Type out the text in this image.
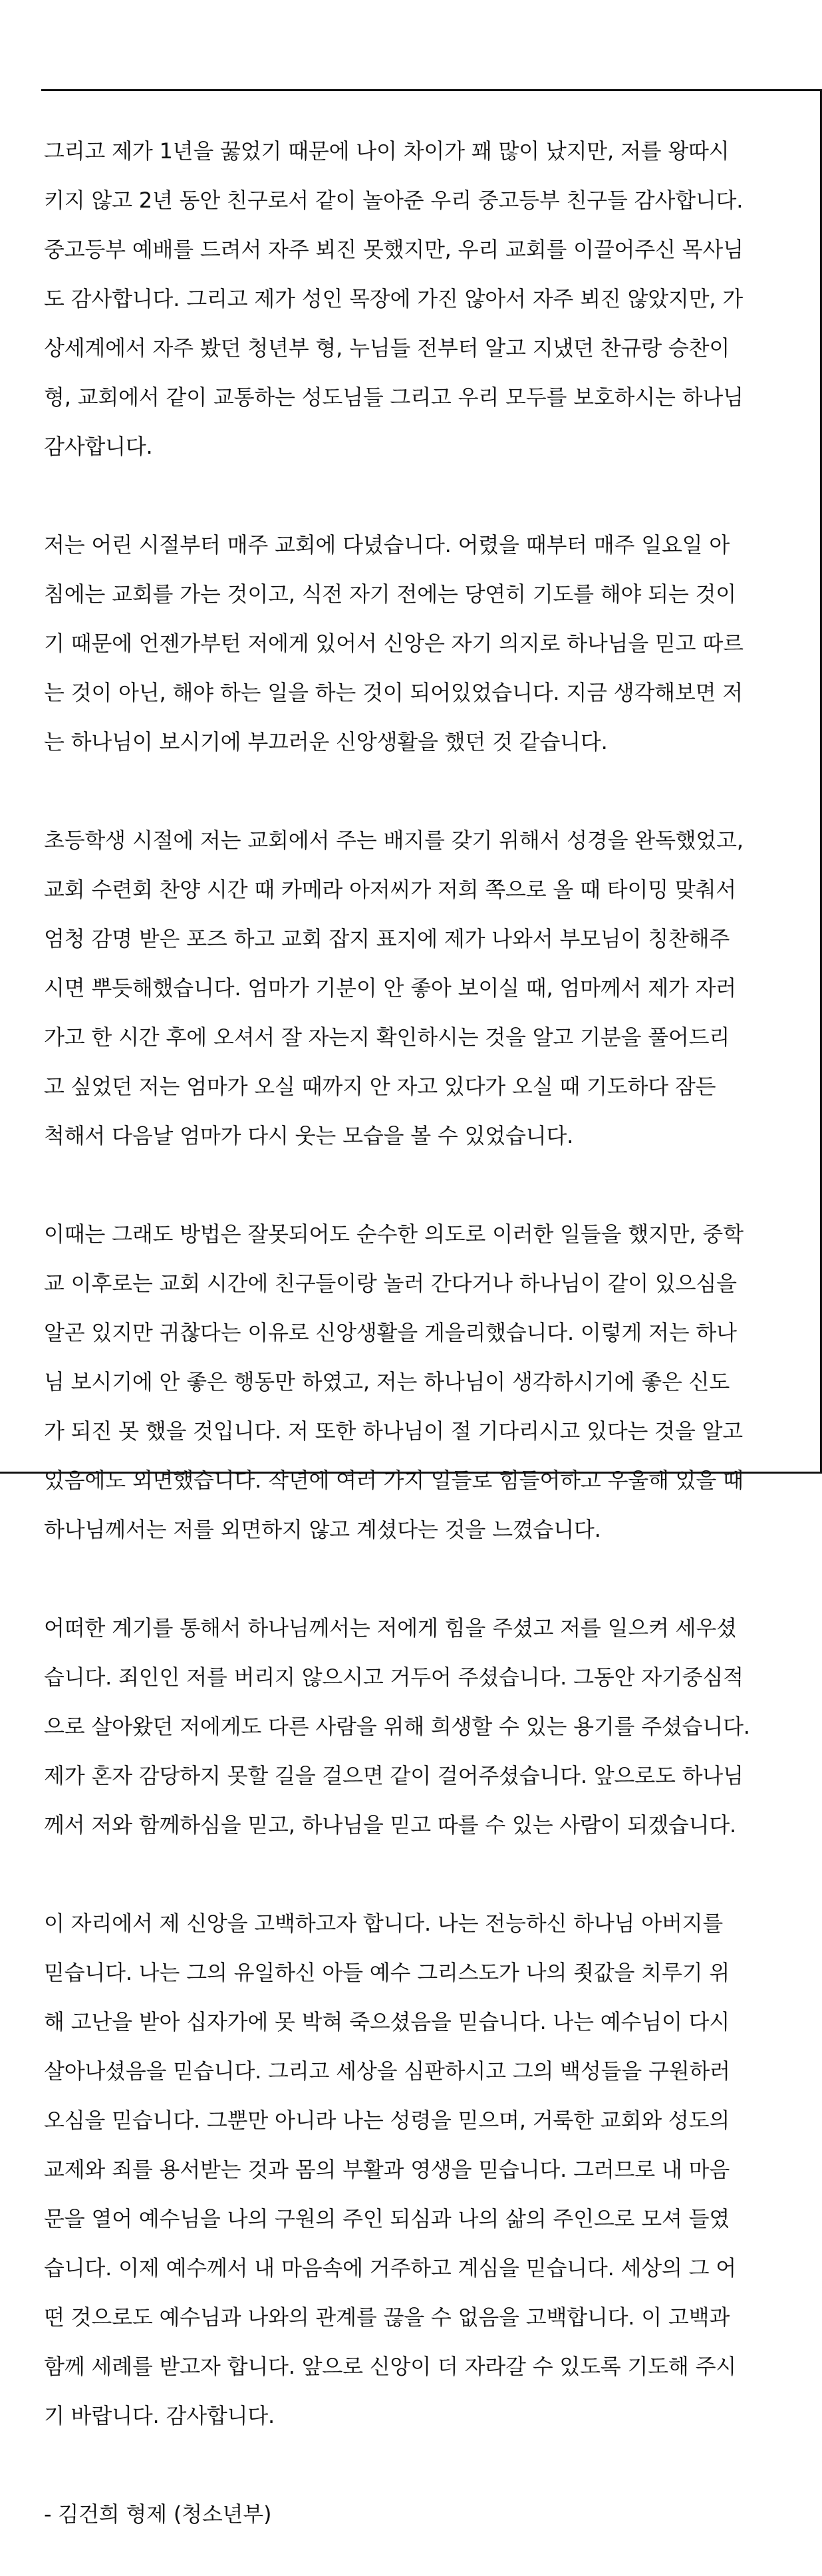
그리고 제가 1년을 꿇었기 때문에 나이 차이가 꽤 많이 났지만, 저를 왕따시

키지 않고 2년 동안 친구로서 같이 놀아준 우리 중고등부 친구들 감사합니다.

중고등부 예배를 드려서 자주 뵈진 못했지만, 우리 교회를 이끌어주신 목사님

도 감사합니다. 그리고 제가 성인 목장에 가진 않아서 자주 뵈진 않았지만, 가

상세계에서 자주 봤던 청년부 형, 누님들 전부터 알고 지냈던 찬규랑 승찬이

형, 교회에서 같이 교통하는 성도님들 그리고 우리 모두를 보호하시는 하나님

감사합니다.

저는 어린 시절부터 매주 교회에 다녔습니다. 어렸을 때부터 매주 일요일 아

침에는 교회를 가는 것이고, 식전 자기 전에는 당연히 기도를 해야 되는 것이

기 때문에 언젠가부턴 저에게 있어서 신앙은 자기 의지로 하나님을 믿고 따르

는 것이 아닌, 해야 하는 일을 하는 것이 되어있었습니다. 지금 생각해보면 저

는 하나님이 보시기에 부끄러운 신앙생활을 했던 것 같습니다.

초등학생 시절에 저는 교회에서 주는 배지를 갖기 위해서 성경을 완독했었고,

교회 수련회 찬양 시간 때 카메라 아저씨가 저희 쪽으로 올 때 타이밍 맞춰서

엄청 감명 받은 포즈 하고 교회 잡지 표지에 제가 나와서 부모님이 칭찬해주

시면 뿌듯해했습니다. 엄마가 기분이 안 좋아 보이실 때, 엄마께서 제가 자러

가고 한 시간 후에 오셔서 잘 자는지 확인하시는 것을 알고 기분을 풀어드리

고 싶었던 저는 엄마가 오실 때까지 안 자고 있다가 오실 때 기도하다 잠든

척해서 다음날 엄마가 다시 웃는 모습을 볼 수 있었습니다.

이때는 그래도 방법은 잘못되어도 순수한 의도로 이러한 일들을 했지만, 중학

교 이후로는 교회 시간에 친구들이랑 놀러 간다거나 하나님이 같이 있으심을

알곤 있지만 귀찮다는 이유로 신앙생활을 게을리했습니다. 이렇게 저는 하나

님 보시기에 안 좋은 행동만 하였고, 저는 하나님이 생각하시기에 좋은 신도

가 되진 못 했을 것입니다. 저 또한 하나님이 절 기다리시고 있다는 것을 알고

있음에도 외면했습니다. 작년에 여러 가지 일들로 힘들어하고 우울해 있을 때

하나님께서는 저를 외면하지 않고 계셨다는 것을 느꼈습니다.

어떠한 계기를 통해서 하나님께서는 저에게 힘을 주셨고 저를 일으켜 세우셨

습니다. 죄인인 저를 버리지 않으시고 거두어 주셨습니다. 그동안 자기중심적

으로 살아왔던 저에게도 다른 사람을 위해 희생할 수 있는 용기를 주셨습니다.

제가 혼자 감당하지 못할 길을 걸으면 같이 걸어주셨습니다. 앞으로도 하나님

께서 저와 함께하심을 믿고, 하나님을 믿고 따를 수 있는 사람이 되겠습니다.

이 자리에서 제 신앙을 고백하고자 합니다. 나는 전능하신 하나님 아버지를

믿습니다. 나는 그의 유일하신 아들 예수 그리스도가 나의 죗값을 치루기 위

해 고난을 받아 십자가에 못 박혀 죽으셨음을 믿습니다. 나는 예수님이 다시

살아나셨음을 믿습니다. 그리고 세상을 심판하시고 그의 백성들을 구원하러

오심을 믿습니다. 그뿐만 아니라 나는 성령을 믿으며, 거룩한 교회와 성도의

교제와 죄를 용서받는 것과 몸의 부활과 영생을 믿습니다. 그러므로 내 마음

문을 열어 예수님을 나의 구원의 주인 되심과 나의 삶의 주인으로 모셔 들였

습니다. 이제 예수께서 내 마음속에 거주하고 계심을 믿습니다. 세상의 그 어

떤 것으로도 예수님과 나와의 관계를 끊을 수 없음을 고백합니다. 이 고백과

함께 세례를 받고자 합니다. 앞으로 신앙이 더 자라갈 수 있도록 기도해 주시

기 바랍니다. 감사합니다.

- 김건희 형제 (청소년부)
